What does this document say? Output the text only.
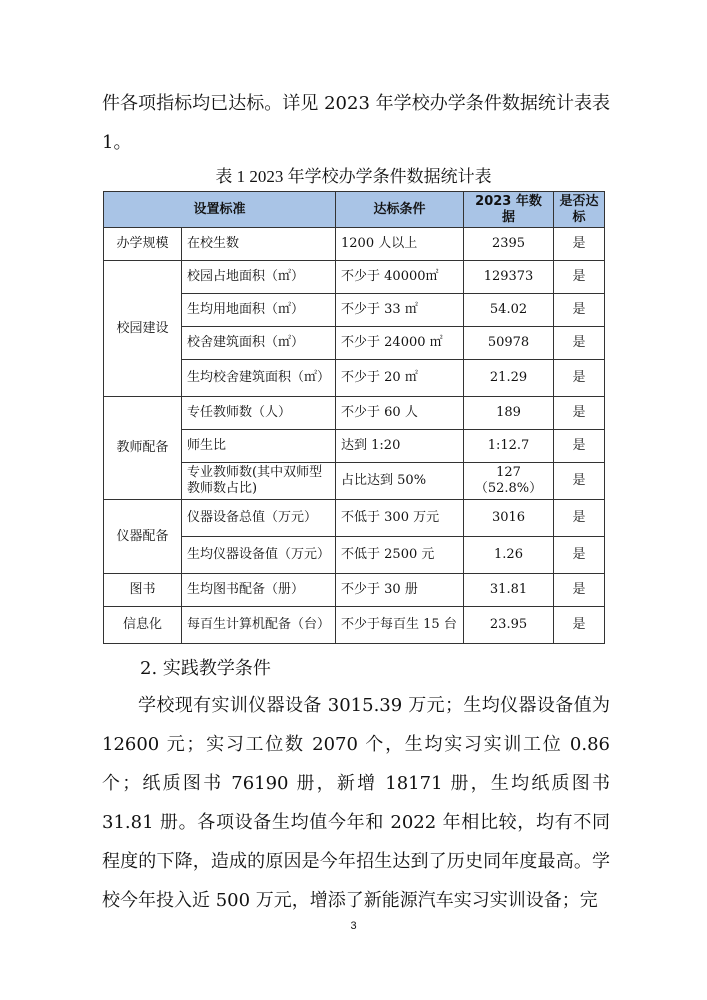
件各项指标均已达标。详见 2023 年学校办学条件数据统计表表 1。

表 1 2023 年学校办学条件数据统计表
设置标准		达标条件	2023 年数据	是否达标
办学规模	在校生数	1200 人以上	2395	是
校园建设	校园占地面积（㎡）	不少于 40000㎡	129373	是
	生均用地面积（㎡）	不少于 33 ㎡	54.02	是
	校舍建筑面积（㎡）	不少于 24000 ㎡	50978	是
	生均校舍建筑面积（㎡）	不少于 20 ㎡	21.29	是
教师配备	专任教师数（人）	不少于 60 人	189	是
	师生比	达到 1:20	1:12.7	是
	专业教师数(其中双师型教师数占比)	占比达到 50%	127（52.8%）	是
仪器配备	仪器设备总值（万元）	不低于 300 万元	3016	是
	生均仪器设备值（万元）	不低于 2500 元	1.26	是
图书	生均图书配备（册）	不少于 30 册	31.81	是
信息化	每百生计算机配备（台）	不少于每百生 15 台	23.95	是

2. 实践教学条件

学校现有实训仪器设备 3015.39 万元；生均仪器设备值为 12600 元；实习工位数 2070 个，生均实习实训工位 0.86 个；纸质图书 76190 册，新增 18171 册，生均纸质图书 31.81 册。各项设备生均值今年和 2022 年相比较，均有不同程度的下降，造成的原因是今年招生达到了历史同年度最高。学校今年投入近 500 万元，增添了新能源汽车实习实训设备；完

3
